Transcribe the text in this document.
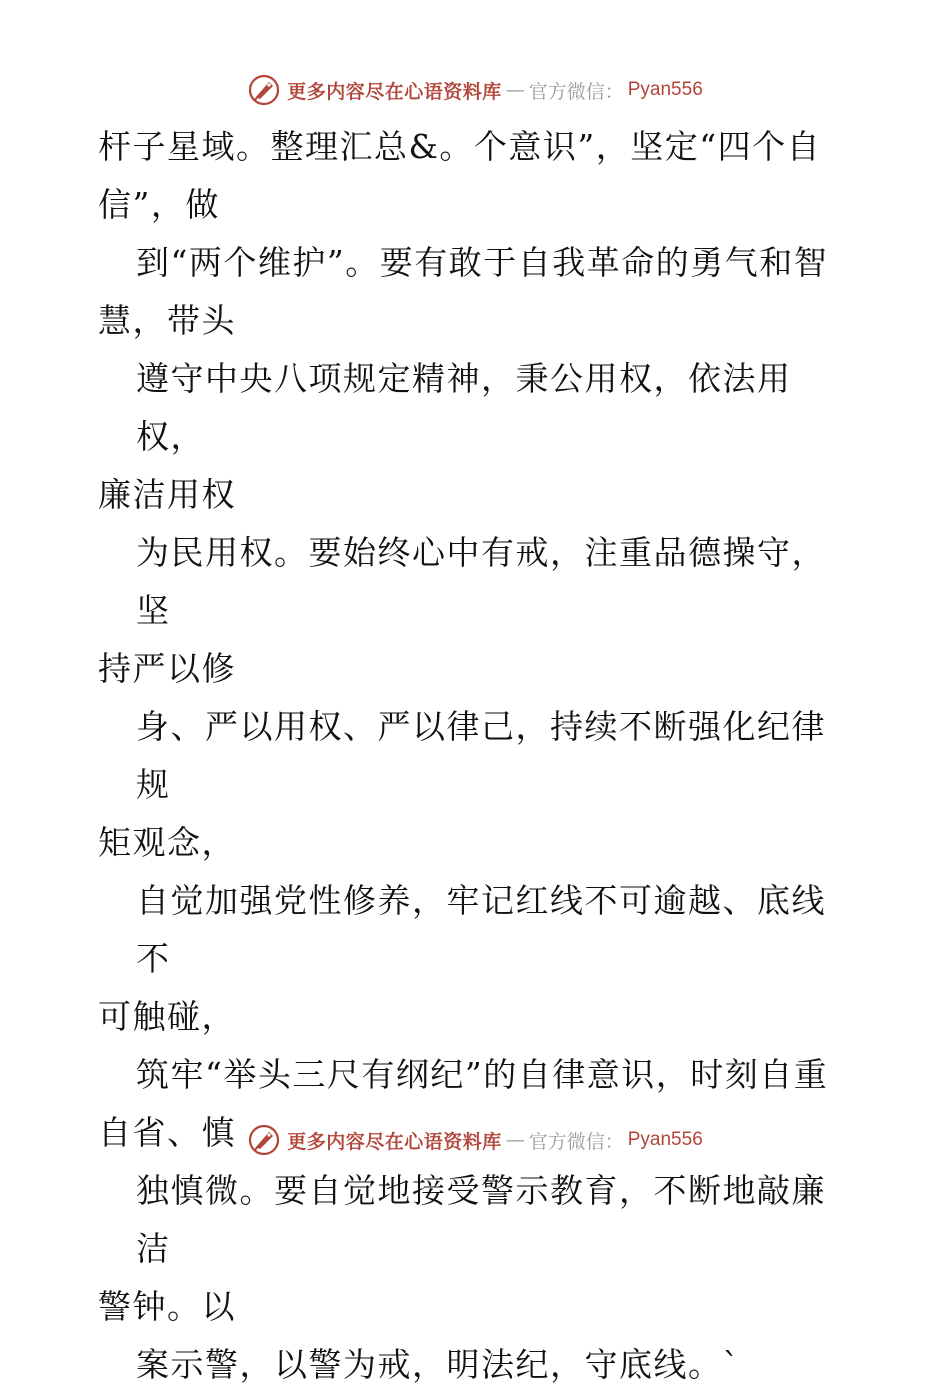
更多内容尽在心语资料库 — 官方微信： Pyan556

杆子星域。整理汇总&。个意识”，坚定“四个自
信”，做

到“两个维护”。要有敢于自我革命的勇气和智
慧，带头

遵守中央八项规定精神，秉公用权，依法用权，
廉洁用权

为民用权。要始终心中有戒，注重品德操守，坚
持严以修

身、严以用权、严以律己，持续不断强化纪律规
矩观念，

自觉加强党性修养，牢记红线不可逾越、底线不
可触碰，

筑牢“举头三尺有纲纪”的自律意识，时刻自重
自省、慎

独慎微。要自觉地接受警示教育，不断地敲廉洁
警钟。以

案示警，以警为戒，明法纪，守底线。`

更多内容尽在心语资料库 — 官方微信： Pyan556
